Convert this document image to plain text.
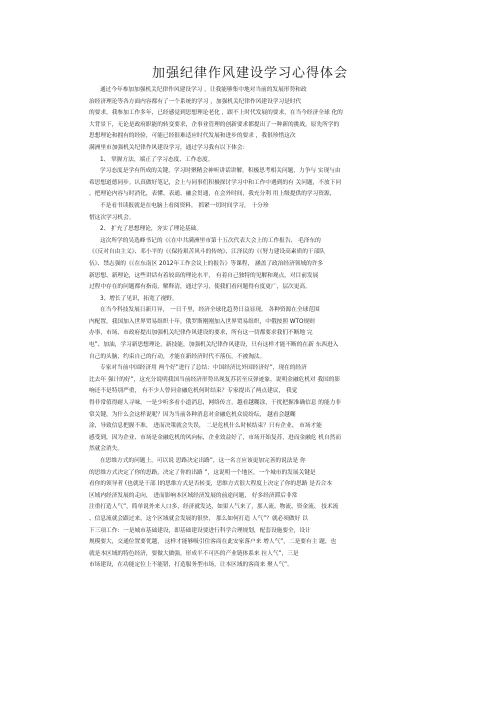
加强纪律作风建设学习心得体会

通过今年参加加强机关纪律作风建设学习 ，让我能够集中地对当前的发展形势和政

治经济理论等各方面内容都有了一个系统的学习 ，加强机关纪律作风建设学习是时代

的要求，我参加工作多年，已经感觉到思想理论老化 ，跟不上时代发展的要求，在当今经济全球 化的

大背景下，无论是政府职能的转变要求，企事业管理的创新要求都提出了一种新的挑战，原先所学的

思想理论和拥有的经验，可能已经很难适应时代发展和进步的要求 ，我很珍惜这次

满洲里市加强机关纪律作风建设学习，通过学习我有以下体会：

1、 掌握方法，端正了学习态度、工作态度。

学习态度是学有所成的关键，学习时聚精会神听讲话讲解，积极思考相关问题，力争与 实现与由

希思想道德同步。认真做好笔记，会上与同事们积极探讨学习中和工作中遇到的有 关问题，不放下问

，把理论内容与时消化，表懂、表通、融会贯通，在会外时间，我充分利 用上级提供的学习资源，

不是看书读报就是在电脑上看阅资料， 抓紧一切时间学习， 十分珍

惜这次学习机会。

2、 扩充了思想理论，夯实了理论基础。

这次所学的吴选峰书记的《《在中共满洲里市第十五次代表大会上的工作报告、 毛泽东的

《《反对自由主义》、邓小平的《《保持艰苦风斗的传统》、江泽民的《《努力建设高素质的干部队

伍》、禁志强的《《在东南区 2012年工作会议上的报告》等课程， 涵盖了政治经济领域的许多

新思想、新理论，这些讲话有着较高的理论水平， 有着自己独特的见解和观点，对目前发展

过程中存在的问题都有指南，解释清，通过学习，使我们看问题得有度更广，层次更高。

3、增长了见识，拓宽了视野。

在当今科技发展日新月异， 一日千里，经济全球化趋势日益显现， 各种资源在全球范围

内配置，我国加入世界贸易组织十年，俄罗斯刚刚加入世界贸易组织，中俄按照 WTO规则

办事，市场、市政府提出加强机关纪律作风建设的要求，所有这一切都要求我们不断地 完

电”、加油，学习新思想理论，新技能，加强机关纪律作风建设，只有这样才能不断的在新 东西进入

自己的头脑，约束自己的行动，才能在新经济时代不落伍，不被淘汰。

专家对当前中国经济用 两个好”进行了总结：中国经济比外国经济好”，现在的经济

比去年 强计的好”，这充分说明我国当前经济形势出现复苏甚至反弹迹象，说明金融危机对 我国的影

响还不是特别严重， 有不少人曾问金融危机何时结束？专家提出了两点建议， 我觉

得非常值得耐人寻味，一是少听多看小道消息，网络传言，越看越糊涂，干扰把握准确信息 的能力非

常关键，为什么会这样说呢？因为当前各种消息对金融危机众说纷纭， 越看会越糊

涂，导致信息把握不准， 进而决策就会失误， 二是危机什么时候结束？只有企业、 市场才能

感受到，因为企业、市场是金融危机的风向标，企业效益好了，市场开始复苏，进而金融危 机自然而

然就会消失。

在思维方式的问题上，可以说 思路决定出路”，这一名言应该更加完善的说法是 你

的思维方式决定了你的思路，决定了你的出路 ”，这说明一个地区，一个城市的发展关键是

看你的领导者 (也就是干部 )的思维方式是否转变，思维方式很大程度上决定了你的思路 是否合本

区域内经济发展的走向， 进而影响本区域经济发展的前途问题， 好多经济滞后非常

注重打造人气”，简单说外来人口多，经济就发达，如果人气来了，那人流、物流、资金流、 技术流

、信息流就会跟过来，这个区域就会发展的很快， 那么如何打造 人气”？就必须做好 以

下三项工作：一是城市基础建设，即基础建设要进行科学合理规划，配套设施要全，设计

规模要大，交通位置要优越， 这样才能够吸引住客商在此安家落户来 增人气”，二是要有主 题，也

就是本区域的特色经济，要做大做强，形成半不可匹的产业链体系来 拉人气”，三是

市场建设，在功能定位上不能错，打造服务型市场，让本区域的客商来 聚人气”。
